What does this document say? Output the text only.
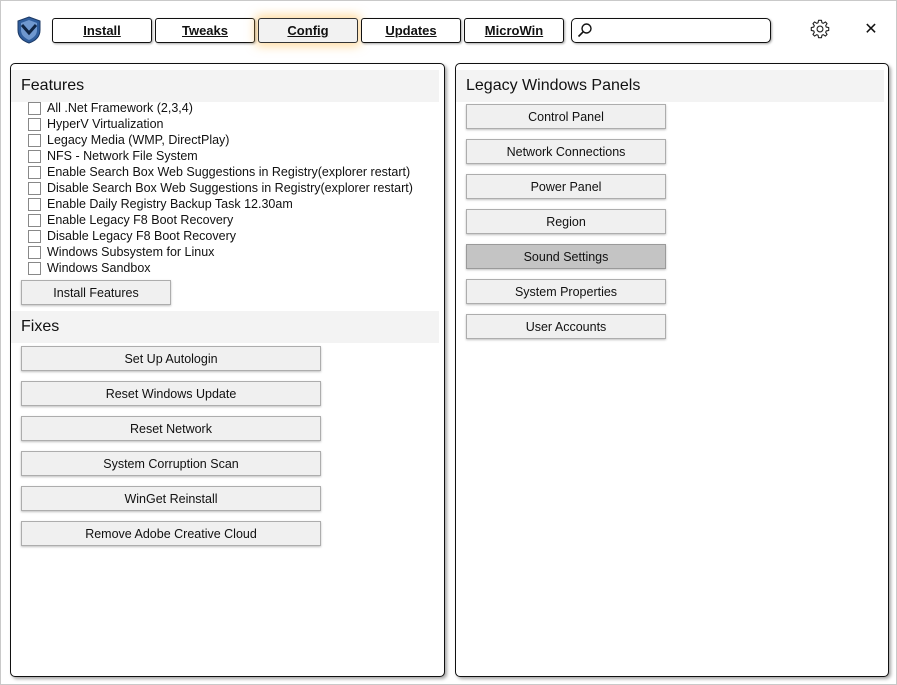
Install	Tweaks	Config	Updates	MicroWin	✕
Features
All .Net Framework (2,3,4)
HyperV Virtualization
Legacy Media (WMP, DirectPlay)
NFS - Network File System
Enable Search Box Web Suggestions in Registry(explorer restart)
Disable Search Box Web Suggestions in Registry(explorer restart)
Enable Daily Registry Backup Task 12.30am
Enable Legacy F8 Boot Recovery
Disable Legacy F8 Boot Recovery
Windows Subsystem for Linux
Windows Sandbox
Install Features
Fixes
Set Up Autologin
Reset Windows Update
Reset Network
System Corruption Scan
WinGet Reinstall
Remove Adobe Creative Cloud
Legacy Windows Panels
Control Panel
Network Connections
Power Panel
Region
Sound Settings
System Properties
User Accounts
